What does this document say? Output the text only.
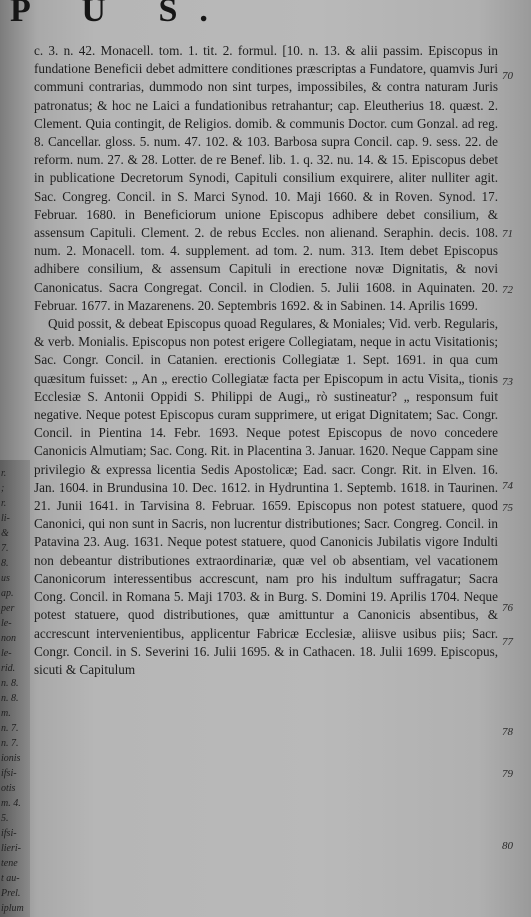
P U S.
r.
;
r.
li-
&
7.
8.
us
ap.
per
le-
non
le-
rid.
n. 8.
n. 8.
m.
n. 7.
n. 7.
ionis
ifsi-
otis
m. 4.
5.
ifsi-
lieri-
tene
t au-
Prel.
iplum

c. 3. n. 42. Monacell. tom. 1. tit. 2. formul. [10. n. 13. & alii passim. Episcopus in fundatione Beneficii debet admittere conditiones præscriptas a Fundatore, quamvis Juri communi contrarias, dummodo non sint turpes, impossibiles, & contra naturam Juris patronatus; & hoc ne Laici a fundationibus retrahantur; cap. Eleutherius 18. quæst. 2. Clement. Quia contingit, de Religios. domib. & communis Doctor. cum Gonzal. ad reg. 8. Cancellar. gloss. 5. num. 47. 102. & 103. Barbosa supra Concil. cap. 9. sess. 22. de reform. num. 27. & 28. Lotter. de re Benef. lib. 1. q. 32. nu. 14. & 15. Episcopus debet in publicatione Decretorum Synodi, Capituli consilium exquirere, aliter nulliter agit. Sac. Congreg. Concil. in S. Marci Synod. 10. Maji 1660. & in Roven. Synod. 17. Februar. 1680. in Beneficiorum unione Episcopus adhibere debet consilium, & assensum Capituli. Clement. 2. de rebus Eccles. non alienand. Seraphin. decis. 108. num. 2. Monacell. tom. 4. supplement. ad tom. 2. num. 313. Item debet Episcopus adhibere consilium, & assensum Capituli in erectione novæ Dignitatis, & novi Canonicatus. Sacra Congregat. Concil. in Clodien. 5. Julii 1608. in Aquinaten. 20. Februar. 1677. in Mazarenens. 20. Septembris 1692. & in Sabinen. 14. Aprilis 1699.

Quid possit, & debeat Episcopus quoad Regulares, & Moniales; Vid. verb. Regularis, & verb. Monialis. Episcopus non potest erigere Collegiatam, neque in actu Visitationis; Sac. Congr. Concil. in Catanien. erectionis Collegiatæ 1. Sept. 1691. in qua cum quæsitum fuisset: „ An „ erectio Collegiatæ facta per Episcopum in actu Visita„ tionis Ecclesiæ S. Antonii Oppidi S. Philippi de Augi„ rò sustineatur? „ responsum fuit negative. Neque potest Episcopus curam supprimere, ut erigat Dignitatem; Sac. Congr. Concil. in Pientina 14. Febr. 1693. Neque potest Episcopus de novo concedere Canonicis Almutiam; Sac. Cong. Rit. in Placentina 3. Januar. 1620. Neque Cappam sine privilegio & expressa licentia Sedis Apostolicæ; Ead. sacr. Congr. Rit. in Elven. 16. Jan. 1604. in Brundusina 10. Dec. 1612. in Hydruntina 1. Septemb. 1618. in Taurinen. 21. Junii 1641. in Tarvisina 8. Februar. 1659. Episcopus non potest statuere, quod Canonici, qui non sunt in Sacris, non lucrentur distributiones; Sacr. Congreg. Concil. in Patavina 23. Aug. 1631. Neque potest statuere, quod Canonicis Jubilatis vigore Indulti non debeantur distributiones extraordinariæ, quæ vel ob absentiam, vel vacationem Canonicorum interessentibus accrescunt, nam pro his indultum suffragatur; Sacra Cong. Concil. in Romana 5. Maji 1703. & in Burg. S. Domini 19. Aprilis 1704. Neque potest statuere, quod distributiones, quæ amittuntur a Canonicis absentibus, & accrescunt intervenientibus, applicentur Fabricæ Ecclesiæ, aliisve usibus piis; Sacr. Congr. Concil. in S. Severini 16. Julii 1695. & in Cathacen. 18. Julii 1699. Episcopus, sicuti & Capitulum

70
71
72
73
74
75
76
77
78
79
80
